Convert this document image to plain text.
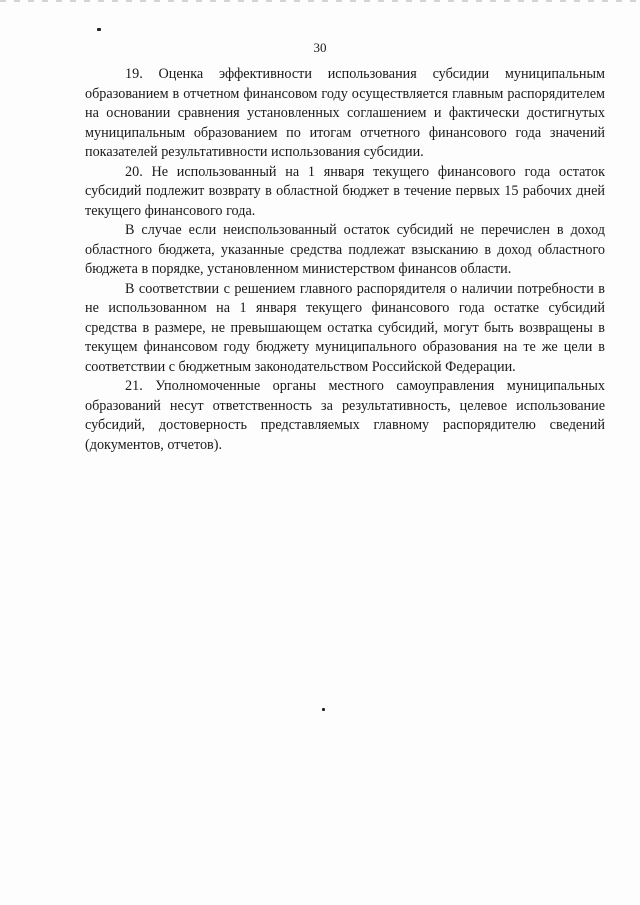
30

19. Оценка эффективности использования субсидии муниципальным образованием в отчетном финансовом году осуществляется главным распорядителем на основании сравнения установленных соглашением и фактически достигнутых муниципальным образованием по итогам отчетного финансового года значений показателей результативности использования субсидии.

20. Не использованный на 1 января текущего финансового года остаток субсидий подлежит возврату в областной бюджет в течение первых 15 рабочих дней текущего финансового года.

В случае если неиспользованный остаток субсидий не перечислен в доход областного бюджета, указанные средства подлежат взысканию в доход областного бюджета в порядке, установленном министерством финансов области.

В соответствии с решением главного распорядителя о наличии потребности в не использованном на 1 января текущего финансового года остатке субсидий средства в размере, не превышающем остатка субсидий, могут быть возвращены в текущем финансовом году бюджету муниципального образования на те же цели в соответствии с бюджетным законодательством Российской Федерации.

21. Уполномоченные органы местного самоуправления муниципальных образований несут ответственность за результативность, целевое использование субсидий, достоверность представляемых главному распорядителю сведений (документов, отчетов).
